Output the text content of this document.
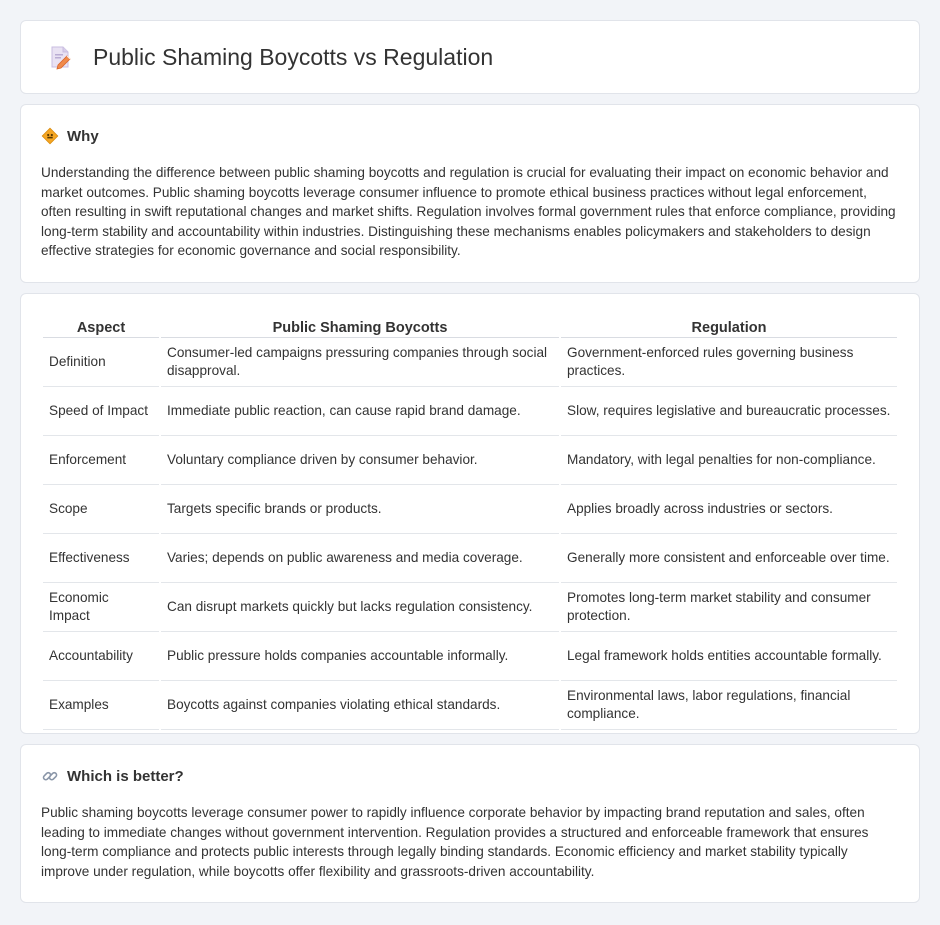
Public Shaming Boycotts vs Regulation
Why

Understanding the difference between public shaming boycotts and regulation is crucial for evaluating their impact on economic behavior and market outcomes. Public shaming boycotts leverage consumer influence to promote ethical business practices without legal enforcement, often resulting in swift reputational changes and market shifts. Regulation involves formal government rules that enforce compliance, providing long-term stability and accountability within industries. Distinguishing these mechanisms enables policymakers and stakeholders to design effective strategies for economic governance and social responsibility.

Aspect	Public Shaming Boycotts	Regulation
Definition	Consumer-led campaigns pressuring companies through social disapproval.	Government-enforced rules governing business practices.
Speed of Impact	Immediate public reaction, can cause rapid brand damage.	Slow, requires legislative and bureaucratic processes.
Enforcement	Voluntary compliance driven by consumer behavior.	Mandatory, with legal penalties for non-compliance.
Scope	Targets specific brands or products.	Applies broadly across industries or sectors.
Effectiveness	Varies; depends on public awareness and media coverage.	Generally more consistent and enforceable over time.
Economic Impact	Can disrupt markets quickly but lacks regulation consistency.	Promotes long-term market stability and consumer protection.
Accountability	Public pressure holds companies accountable informally.	Legal framework holds entities accountable formally.
Examples	Boycotts against companies violating ethical standards.	Environmental laws, labor regulations, financial compliance.
Which is better?

Public shaming boycotts leverage consumer power to rapidly influence corporate behavior by impacting brand reputation and sales, often leading to immediate changes without government intervention. Regulation provides a structured and enforceable framework that ensures long-term compliance and protects public interests through legally binding standards. Economic efficiency and market stability typically improve under regulation, while boycotts offer flexibility and grassroots-driven accountability.
